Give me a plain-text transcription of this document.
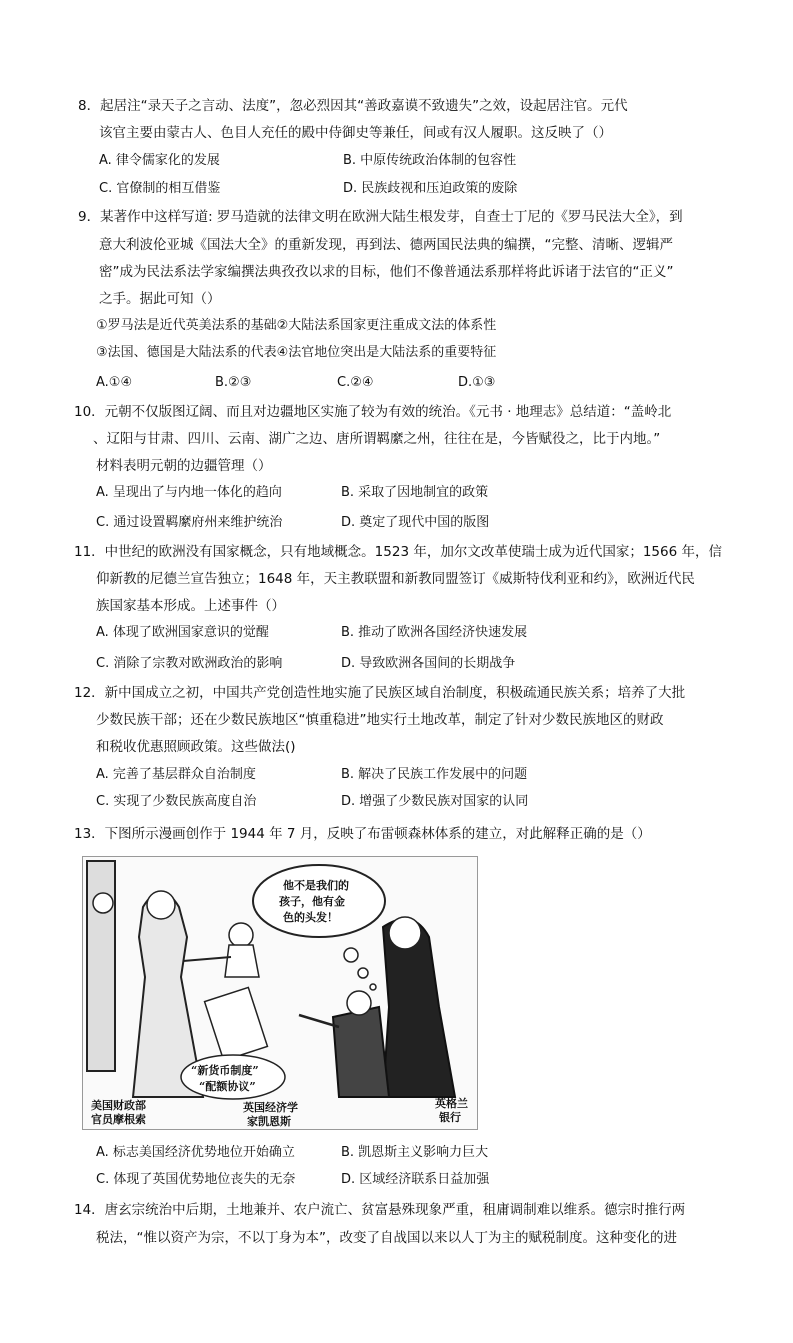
8．起居注“录天子之言动、法度”，忽必烈因其“善政嘉谟不致遗失”之效，设起居注官。元代
该官主要由蒙古人、色目人充任的殿中侍御史等兼任，间或有汉人履职。这反映了（）
A. 律令儒家化的发展	B. 中原传统政治体制的包容性
C. 官僚制的相互借鉴	D. 民族歧视和压迫政策的废除
9．某著作中这样写道: 罗马造就的法律文明在欧洲大陆生根发芽，自查士丁尼的《罗马民法大全》，到
意大利波伦亚城《国法大全》的重新发现，再到法、德两国民法典的编撰，“完整、清晰、逻辑严
密”成为民法系法学家编撰法典孜孜以求的目标，他们不像普通法系那样将此诉诸于法官的“正义”
之手。据此可知（）
①罗马法是近代英美法系的基础②大陆法系国家更注重成文法的体系性
③法国、德国是大陆法系的代表④法官地位突出是大陆法系的重要特征
A.①④	B.②③	C.②④	D.①③
10．元朝不仅版图辽阔、而且对边疆地区实施了较为有效的统治。《元书 · 地理志》总结道：“盖岭北
、辽阳与甘肃、四川、云南、湖广之边、唐所谓羁縻之州，往往在是，今皆赋役之，比于内地。”
材料表明元朝的边疆管理（）
A. 呈现出了与内地一体化的趋向	B. 采取了因地制宜的政策
C. 通过设置羁縻府州来维护统治	D. 奠定了现代中国的版图
11．中世纪的欧洲没有国家概念，只有地域概念。1523 年，加尔文改革使瑞士成为近代国家；1566 年，信
仰新教的尼德兰宣告独立；1648 年，天主教联盟和新教同盟签订《威斯特伐利亚和约》，欧洲近代民
族国家基本形成。上述事件（）
A. 体现了欧洲国家意识的觉醒	B. 推动了欧洲各国经济快速发展
C. 消除了宗教对欧洲政治的影响	D. 导致欧洲各国间的长期战争
12．新中国成立之初，中国共产党创造性地实施了民族区域自治制度，积极疏通民族关系；培养了大批
少数民族干部；还在少数民族地区“慎重稳进”地实行土地改革，制定了针对少数民族地区的财政
和税收优惠照顾政策。这些做法()
A. 完善了基层群众自治制度	B. 解决了民族工作发展中的问题
C. 实现了少数民族高度自治	D. 增强了少数民族对国家的认同
13．下图所示漫画创作于 1944 年 7 月，反映了布雷顿森林体系的建立，对此解释正确的是（）
他不是我们的
孩子，他有金
色的头发！
“新货币制度”
“配额协议”
美国财政部
官员摩根索
英国经济学
家凯恩斯
英格兰
银行
A. 标志美国经济优势地位开始确立	B. 凯恩斯主义影响力巨大
C. 体现了英国优势地位丧失的无奈	D. 区域经济联系日益加强
14．唐玄宗统治中后期，土地兼并、农户流亡、贫富悬殊现象严重，租庸调制难以维系。德宗时推行两
税法，“惟以资产为宗，不以丁身为本”，改变了自战国以来以人丁为主的赋税制度。这种变化的进
